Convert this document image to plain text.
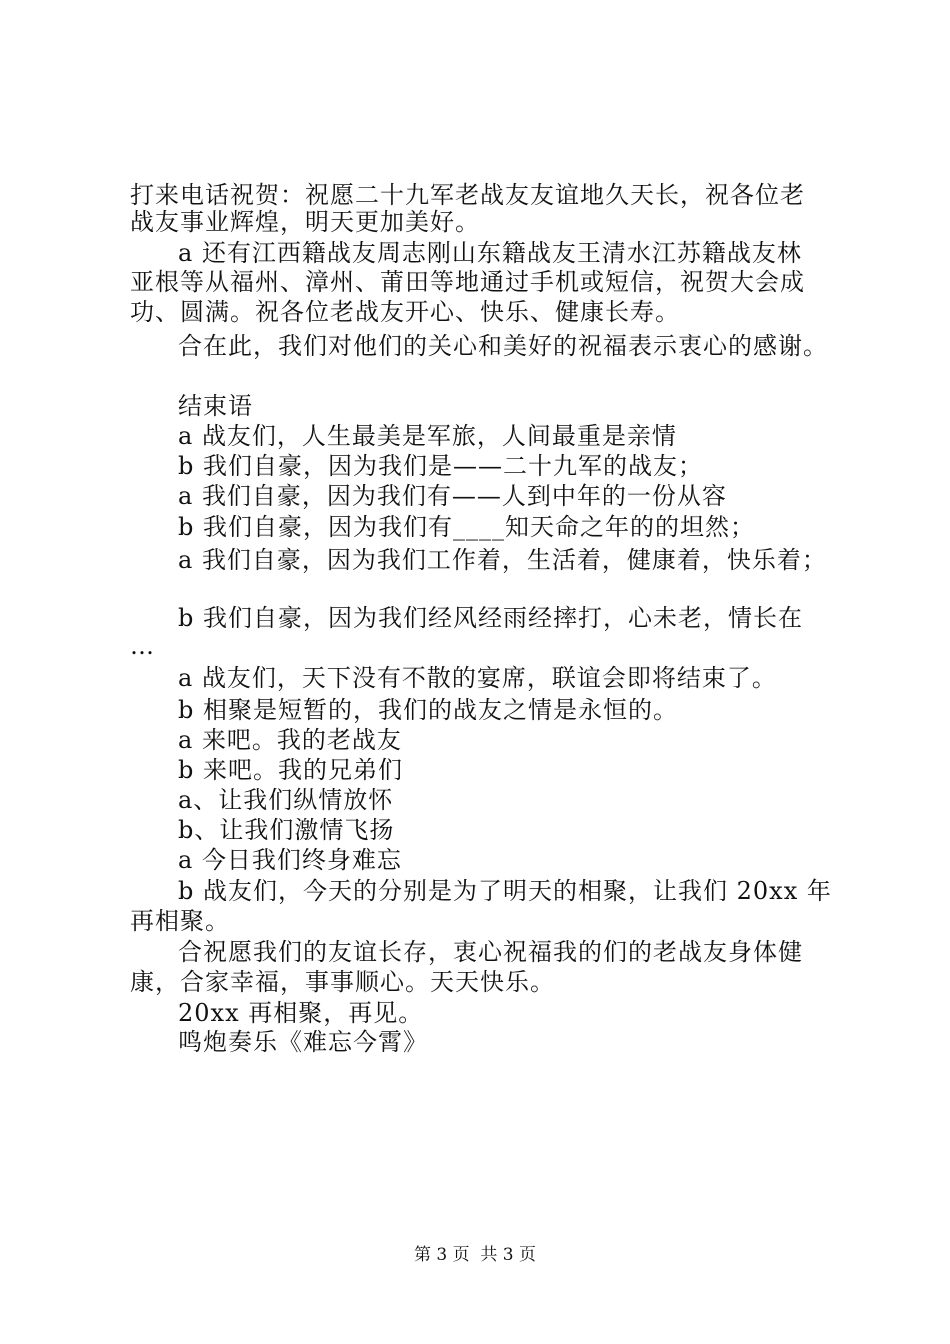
打来电话祝贺：祝愿二十九军老战友友谊地久天长，祝各位老
战友事业辉煌，明天更加美好。
a 还有江西籍战友周志刚山东籍战友王清水江苏籍战友林
亚根等从福州、漳州、莆田等地通过手机或短信，祝贺大会成
功、圆满。祝各位老战友开心、快乐、健康长寿。
合在此，我们对他们的关心和美好的祝福表示衷心的感谢。
结束语
a 战友们，人生最美是军旅，人间最重是亲情
b 我们自豪，因为我们是——二十九军的战友；
a 我们自豪，因为我们有——人到中年的一份从容
b 我们自豪，因为我们有____知天命之年的的坦然；
a 我们自豪，因为我们工作着，生活着，健康着，快乐着；
b 我们自豪，因为我们经风经雨经摔打，心未老，情长在
…
a 战友们，天下没有不散的宴席，联谊会即将结束了。
b 相聚是短暂的，我们的战友之情是永恒的。
a 来吧。我的老战友
b 来吧。我的兄弟们
a、让我们纵情放怀
b、让我们激情飞扬
a 今日我们终身难忘
b 战友们，今天的分别是为了明天的相聚，让我们 20xx 年
再相聚。
合祝愿我们的友谊长存，衷心祝福我的们的老战友身体健
康，合家幸福，事事顺心。天天快乐。
20xx 再相聚，再见。
鸣炮奏乐《难忘今霄》
第 3 页  共 3 页
